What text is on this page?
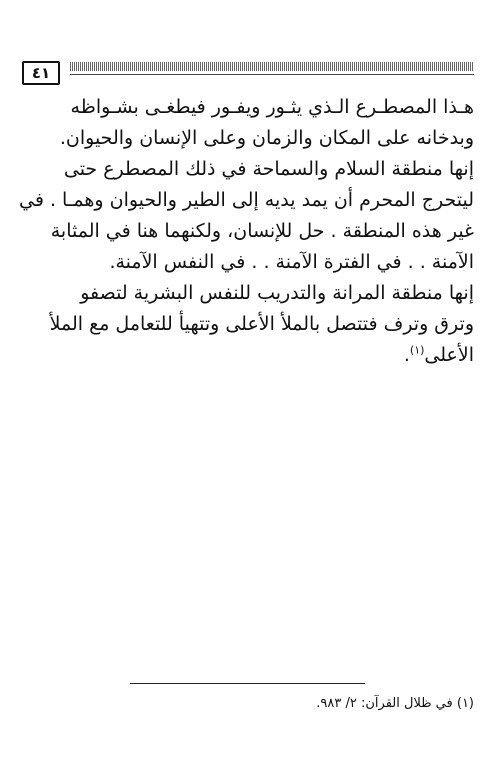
٤١

هـذا المصطـرع الـذي يثـور ويفـور فيطغـى بشـواظه

وبدخانه على المكان والزمان وعلى الإنسان والحيوان.

إنها منطقة السلام والسماحة في ذلك المصطرع حتى

ليتحرج المحرم أن يمد يديه إلى الطير والحيوان وهمـا . في

غير هذه المنطقة . حل للإنسان، ولكنهما هنا في المثابة

الآمنة . . في الفترة الآمنة . . في النفس الآمنة.

إنها منطقة المرانة والتدريب للنفس البشرية لتصفو

وترق وترف فتتصل بالملأ الأعلى وتتهيأ للتعامل مع الملأ

الأعلى$^{(١)}$.

(١) في ظلال القرآن: ٢/ ٩٨٣.
